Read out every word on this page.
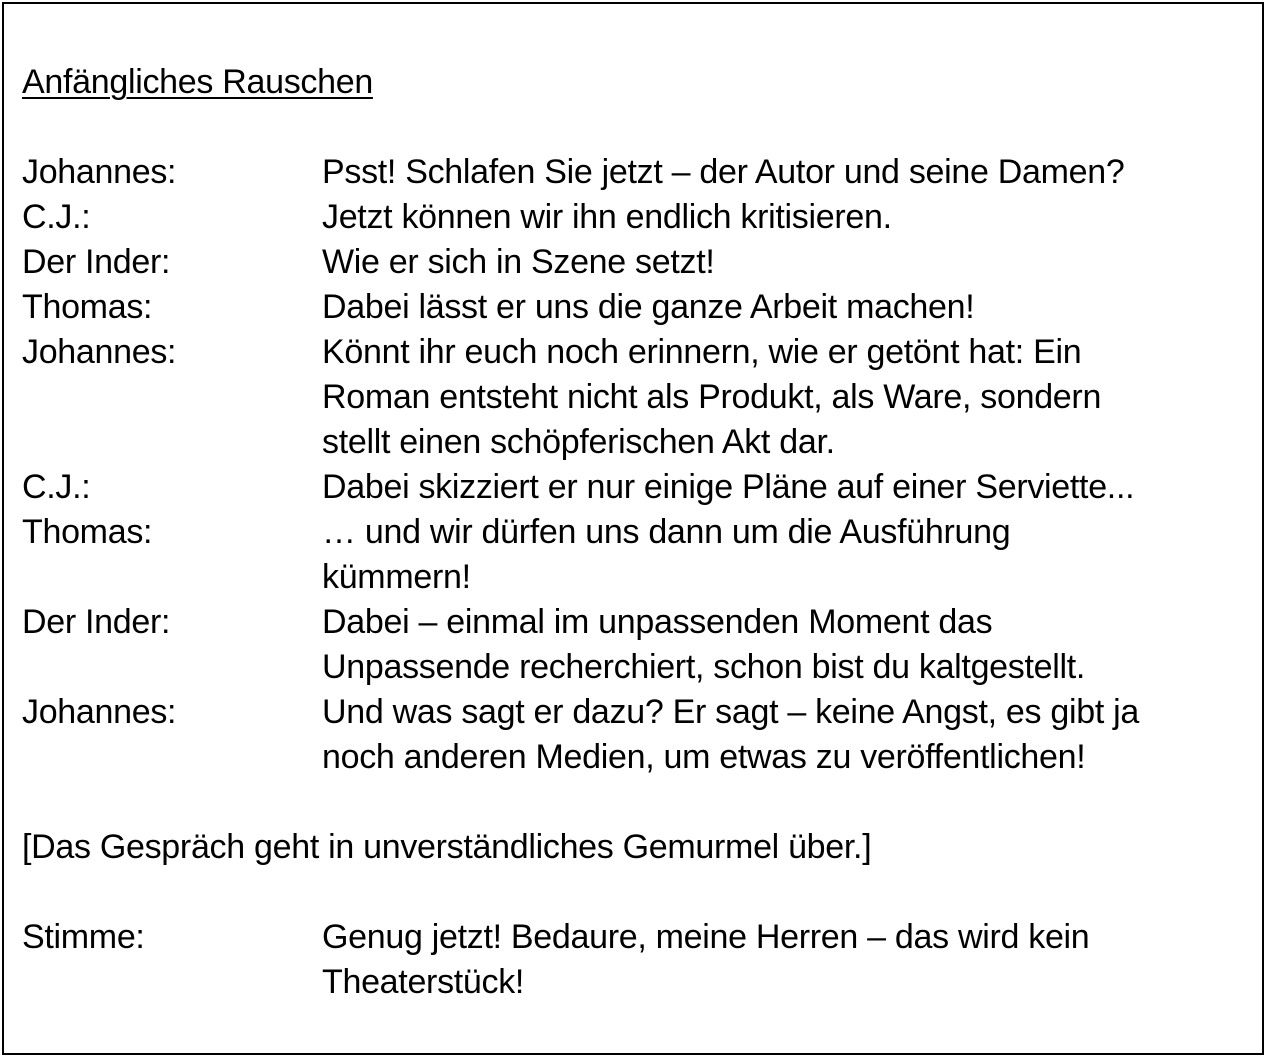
Anfängliches Rauschen
Johannes:	Psst! Schlafen Sie jetzt – der Autor und seine Damen?
C.J.:	Jetzt können wir ihn endlich kritisieren.
Der Inder:	Wie er sich in Szene setzt!
Thomas:	Dabei lässt er uns die ganze Arbeit machen!
Johannes:	Könnt ihr euch noch erinnern, wie er getönt hat: Ein
Roman entsteht nicht als Produkt, als Ware, sondern
stellt einen schöpferischen Akt dar.
C.J.:	Dabei skizziert er nur einige Pläne auf einer Serviette...
Thomas:	… und wir dürfen uns dann um die Ausführung
kümmern!
Der Inder:	Dabei – einmal im unpassenden Moment das
Unpassende recherchiert, schon bist du kaltgestellt.
Johannes:	Und was sagt er dazu? Er sagt – keine Angst, es gibt ja
noch anderen Medien, um etwas zu veröffentlichen!
[Das Gespräch geht in unverständliches Gemurmel über.]
Stimme:	Genug jetzt! Bedaure, meine Herren – das wird kein
Theaterstück!
